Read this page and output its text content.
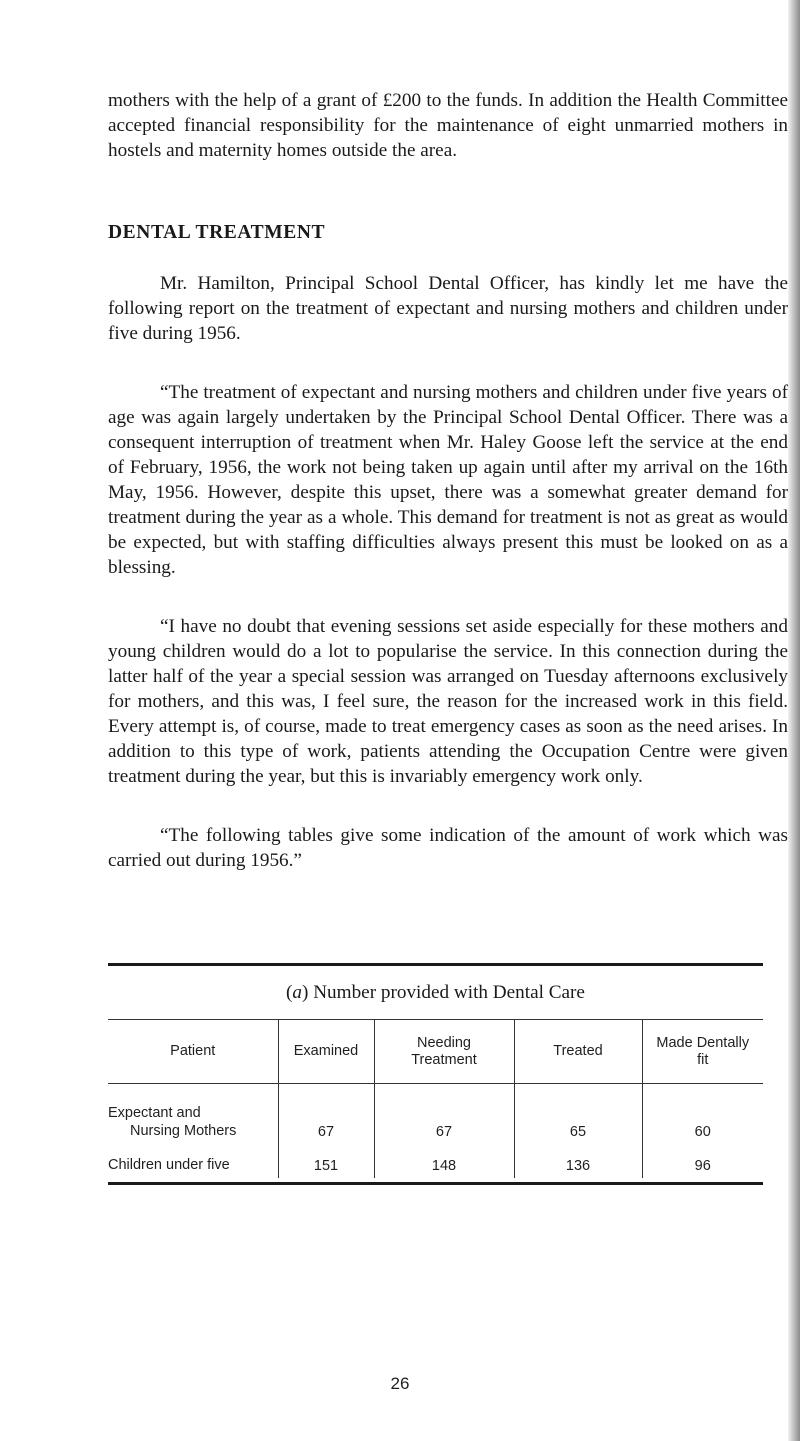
mothers with the help of a grant of £200 to the funds. In addition the Health Committee accepted financial responsibility for the maintenance of eight unmarried mothers in hostels and maternity homes outside the area.

DENTAL TREATMENT

Mr. Hamilton, Principal School Dental Officer, has kindly let me have the following report on the treatment of expectant and nursing mothers and children under five during 1956.

“The treatment of expectant and nursing mothers and children under five years of age was again largely undertaken by the Principal School Dental Officer. There was a consequent interruption of treatment when Mr. Haley Goose left the service at the end of February, 1956, the work not being taken up again until after my arrival on the 16th May, 1956. However, despite this upset, there was a somewhat greater demand for treatment during the year as a whole. This demand for treatment is not as great as would be expected, but with staffing difficulties always present this must be looked on as a blessing.

“I have no doubt that evening sessions set aside especially for these mothers and young children would do a lot to popularise the service. In this connection during the latter half of the year a special session was arranged on Tuesday afternoons exclusively for mothers, and this was, I feel sure, the reason for the increased work in this field. Every attempt is, of course, made to treat emergency cases as soon as the need arises. In addition to this type of work, patients attending the Occupation Centre were given treatment during the year, but this is invariably emergency work only.

“The following tables give some indication of the amount of work which was carried out during 1956.”

(a) Number provided with Dental Care
Patient	Examined	Needing Treatment	Treated	Made Dentally fit

Expectant and
Nursing Mothers	67	67	65	60
Children under five	151	148	136	96
26
